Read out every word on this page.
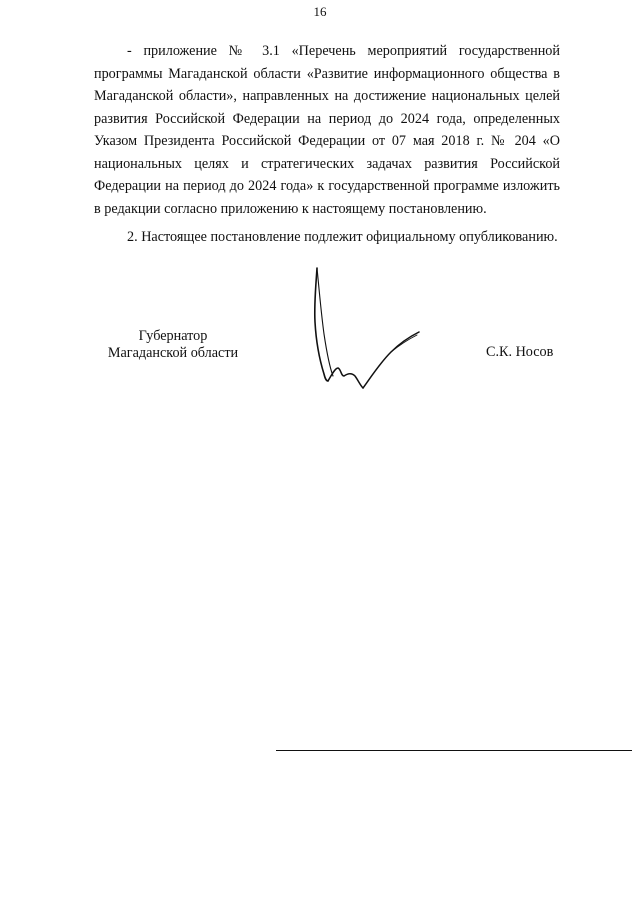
16

- приложение № 3.1 «Перечень мероприятий государственной программы Магаданской области «Развитие информационного общества в Магаданской области», направленных на достижение национальных целей развития Российской Федерации на период до 2024 года, определенных Указом Президента Российской Федерации от 07 мая 2018 г. № 204 «О национальных целях и стратегических задачах развития Российской Федерации на период до 2024 года» к государственной программе изложить в редакции согласно приложению к настоящему постановлению.

2. Настоящее постановление подлежит официальному опубликованию.

Губернатор
Магаданской области	С.К. Носов
